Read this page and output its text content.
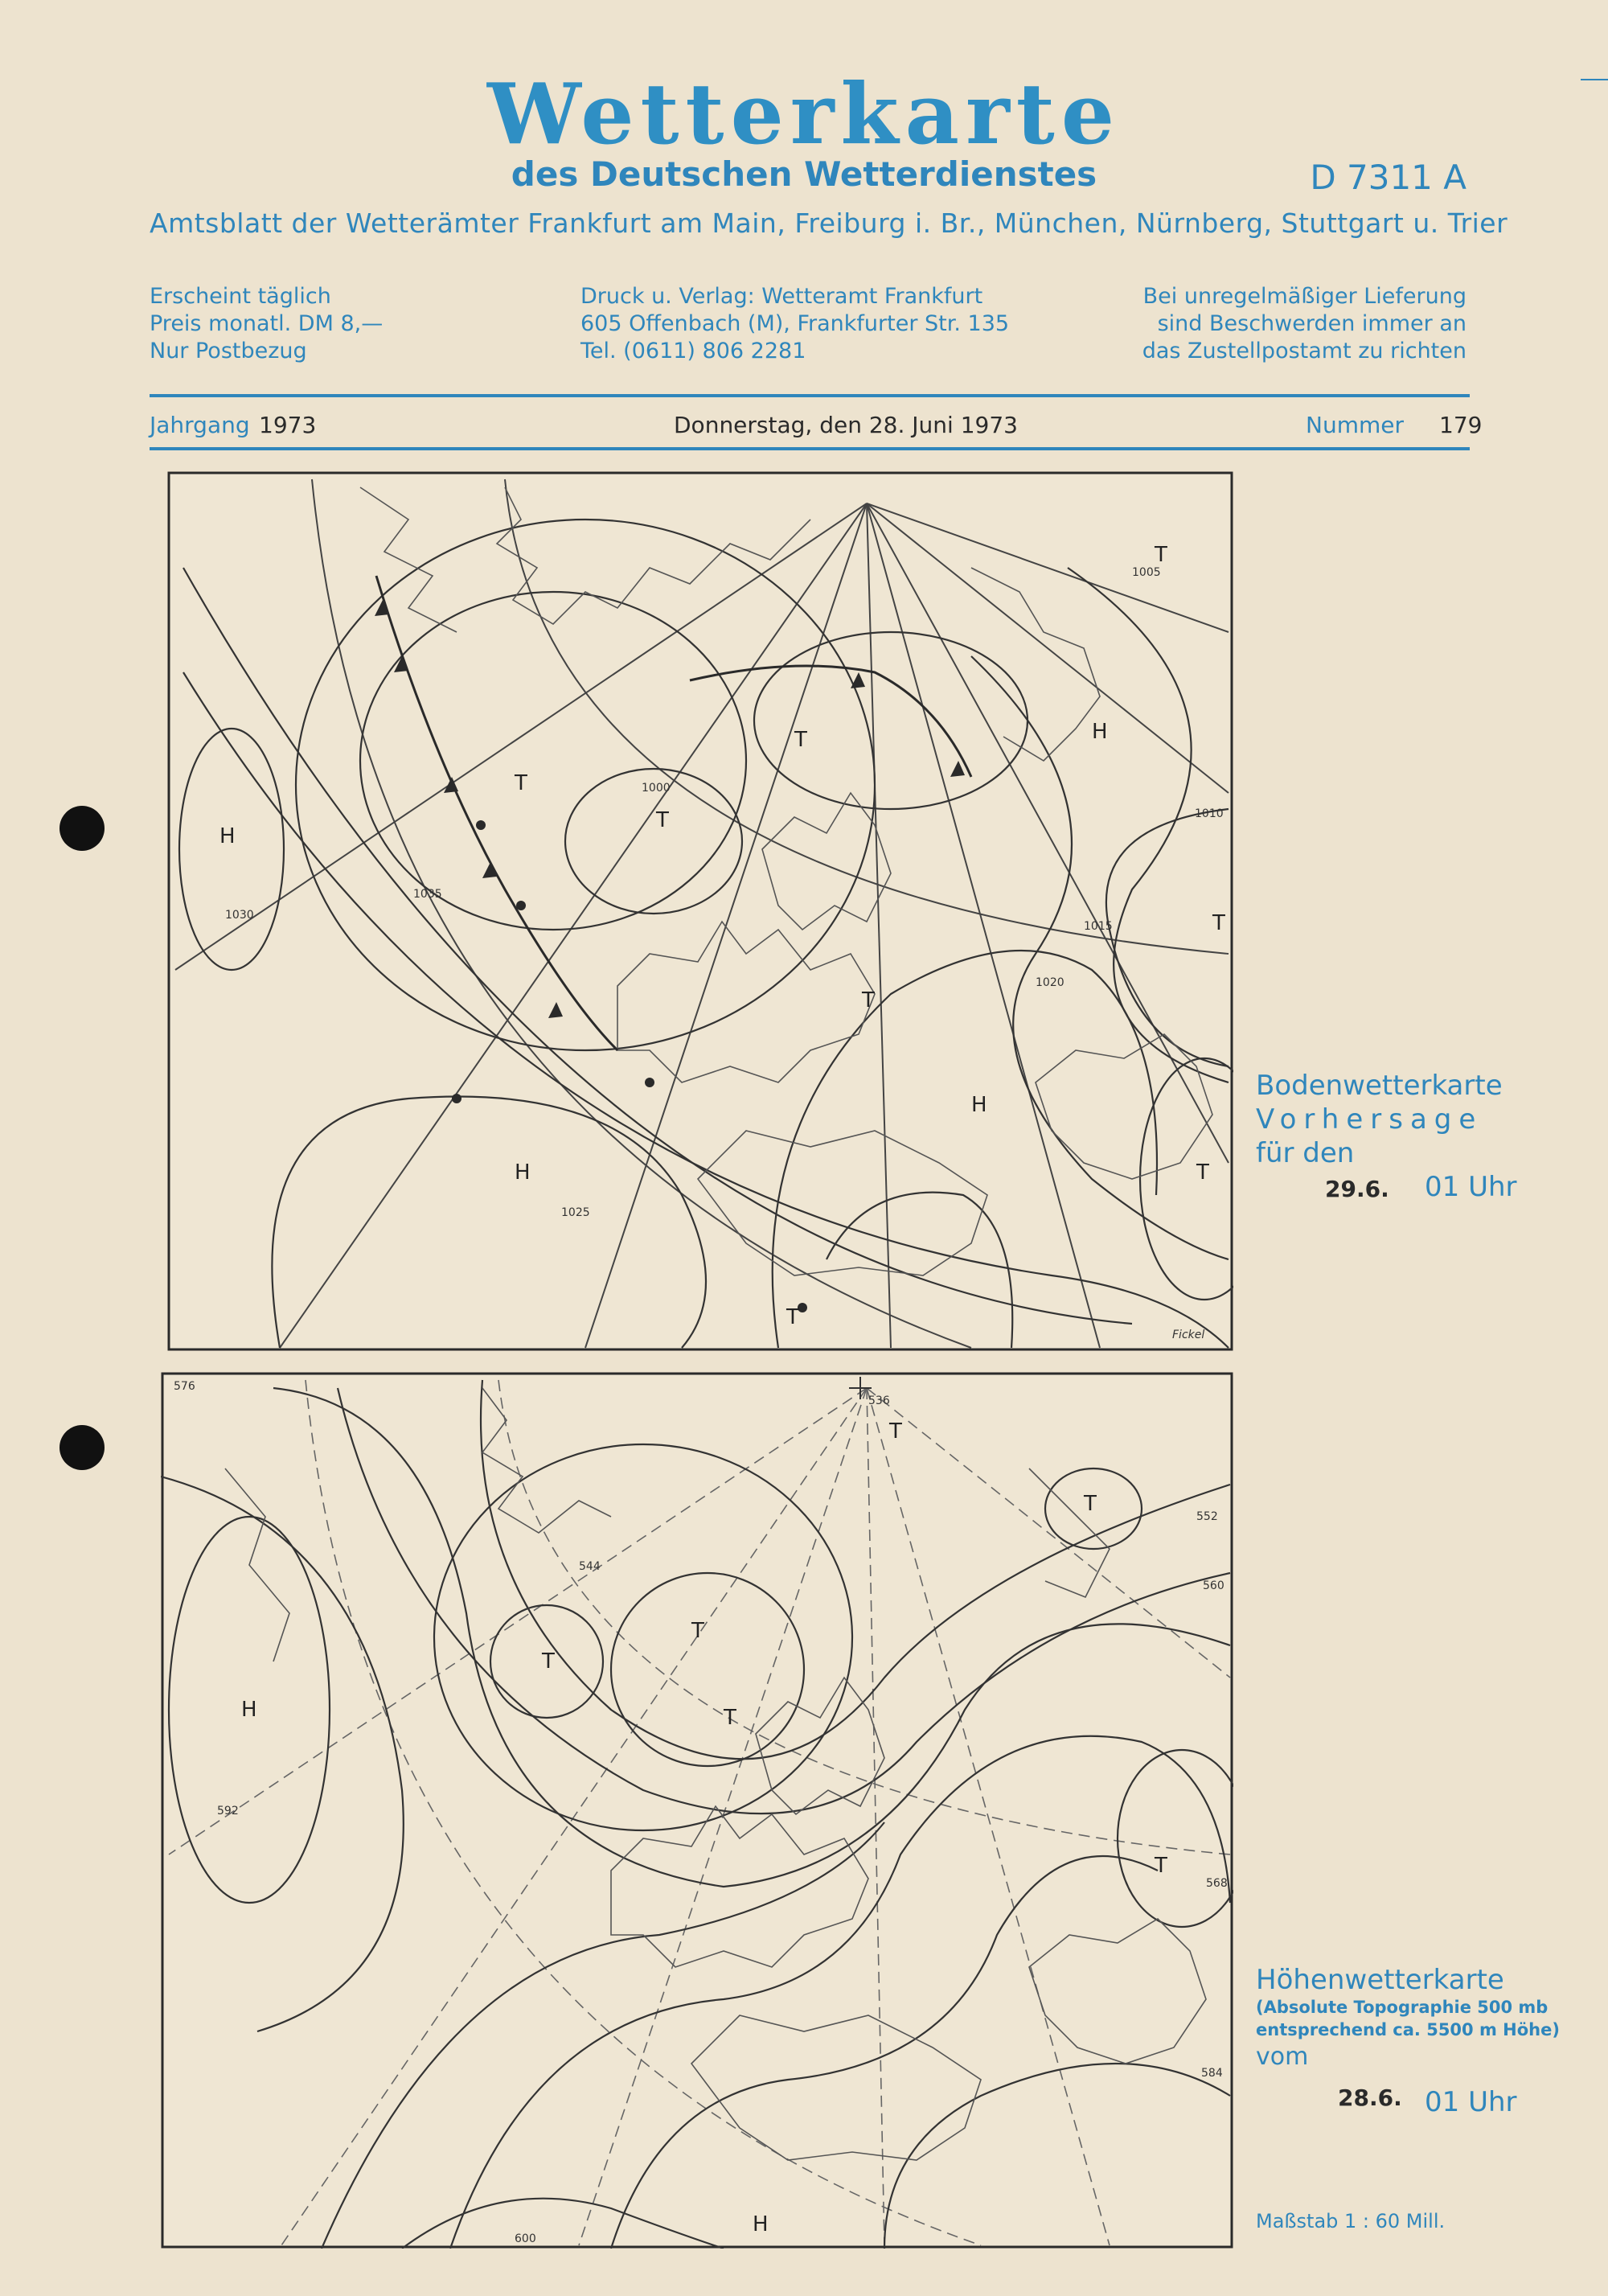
Wetterkarte
des Deutschen Wetterdienstes	D 7311 A
Amtsblatt der Wetterämter Frankfurt am Main, Freiburg i. Br., München, Nürnberg, Stuttgart u. Trier
Erscheint täglich
Preis monatl. DM 8,—
Nur Postbezug
Druck u. Verlag: Wetteramt Frankfurt
605 Offenbach (M), Frankfurter Str. 135
Tel. (0611) 806 2281
Bei unregelmäßiger Lieferung
sind Beschwerden immer an
das Zustellpostamt zu richten
Jahrgang 1973	Donnerstag, den 28. Juni 1973	Nummer 179
H
T
T
T	H
T
T
H
H
T
T
T
1000
1005
1010
1015
1020
1025
1030
1035
Fickel
Bodenwetterkarte
Vorhersage
für den
29.6. 01 Uhr
T
T
T
T
T
H
T
H
536
544
552
560
568
576
584
592
600
Höhenwetterkarte
(Absolute Topographie 500 mb
entsprechend ca. 5500 m Höhe)
vom
28.6. 01 Uhr
Maßstab 1 : 60 Mill.
